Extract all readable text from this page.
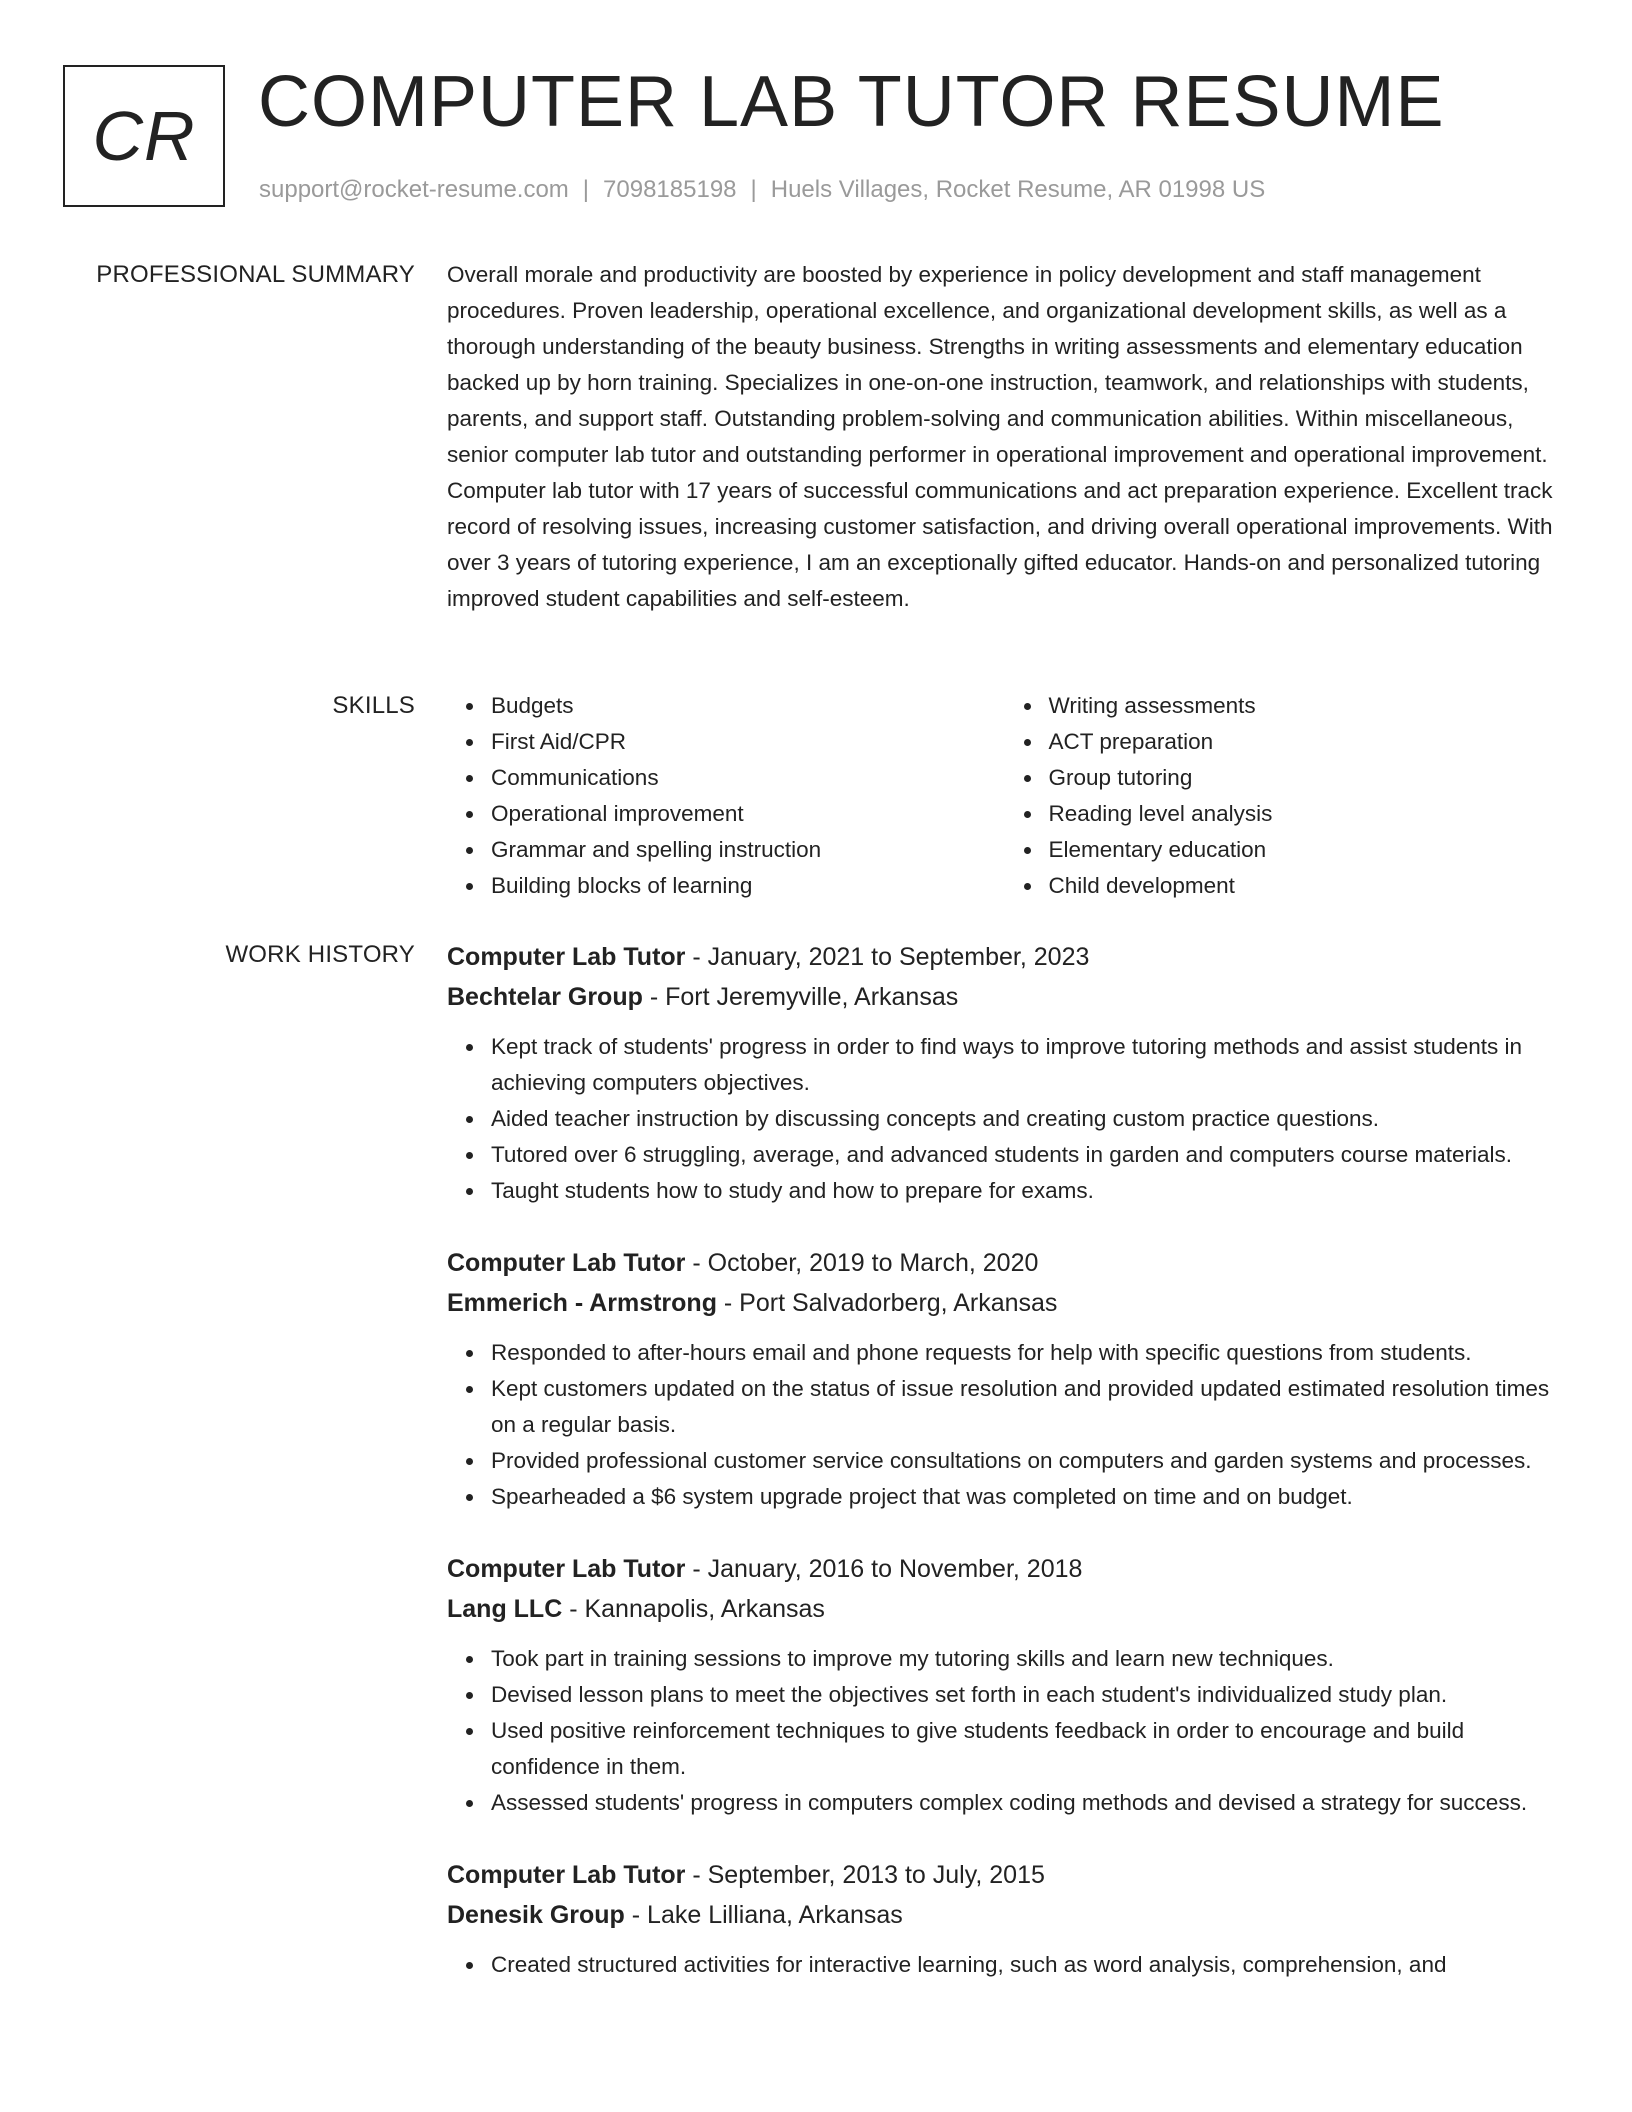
CR COMPUTER LAB TUTOR RESUME
support@rocket-resume.com | 7098185198 | Huels Villages, Rocket Resume, AR 01998 US
PROFESSIONAL SUMMARY Overall morale and productivity are boosted by experience in policy development and staff management procedures. Proven leadership, operational excellence, and organizational development skills, as well as a thorough understanding of the beauty business. Strengths in writing assessments and elementary education backed up by horn training. Specializes in one-on-one instruction, teamwork, and relationships with students, parents, and support staff. Outstanding problem-solving and communication abilities. Within miscellaneous, senior computer lab tutor and outstanding performer in operational improvement and operational improvement. Computer lab tutor with 17 years of successful communications and act preparation experience. Excellent track record of resolving issues, increasing customer satisfaction, and driving overall operational improvements. With over 3 years of tutoring experience, I am an exceptionally gifted educator. Hands-on and personalized tutoring improved student capabilities and self-esteem.

SKILLS	Budgets
First Aid/CPR
Communications
Operational improvement
Grammar and spelling instruction
Building blocks of learning
Writing assessments
ACT preparation
Group tutoring
Reading level analysis
Elementary education
Child development
WORK HISTORY Computer Lab Tutor - January, 2021 to September, 2023
Bechtelar Group - Fort Jeremyville, Arkansas
Kept track of students' progress in order to find ways to improve tutoring methods and assist students in achieving computers objectives.
Aided teacher instruction by discussing concepts and creating custom practice questions.
Tutored over 6 struggling, average, and advanced students in garden and computers course materials.
Taught students how to study and how to prepare for exams.
Computer Lab Tutor - October, 2019 to March, 2020
Emmerich - Armstrong - Port Salvadorberg, Arkansas
Responded to after-hours email and phone requests for help with specific questions from students.
Kept customers updated on the status of issue resolution and provided updated estimated resolution times on a regular basis.
Provided professional customer service consultations on computers and garden systems and processes.
Spearheaded a $6 system upgrade project that was completed on time and on budget.
Computer Lab Tutor - January, 2016 to November, 2018
Lang LLC - Kannapolis, Arkansas
Took part in training sessions to improve my tutoring skills and learn new techniques.
Devised lesson plans to meet the objectives set forth in each student's individualized study plan.
Used positive reinforcement techniques to give students feedback in order to encourage and build confidence in them.
Assessed students' progress in computers complex coding methods and devised a strategy for success.
Computer Lab Tutor - September, 2013 to July, 2015
Denesik Group - Lake Lilliana, Arkansas
Created structured activities for interactive learning, such as word analysis, comprehension, and
